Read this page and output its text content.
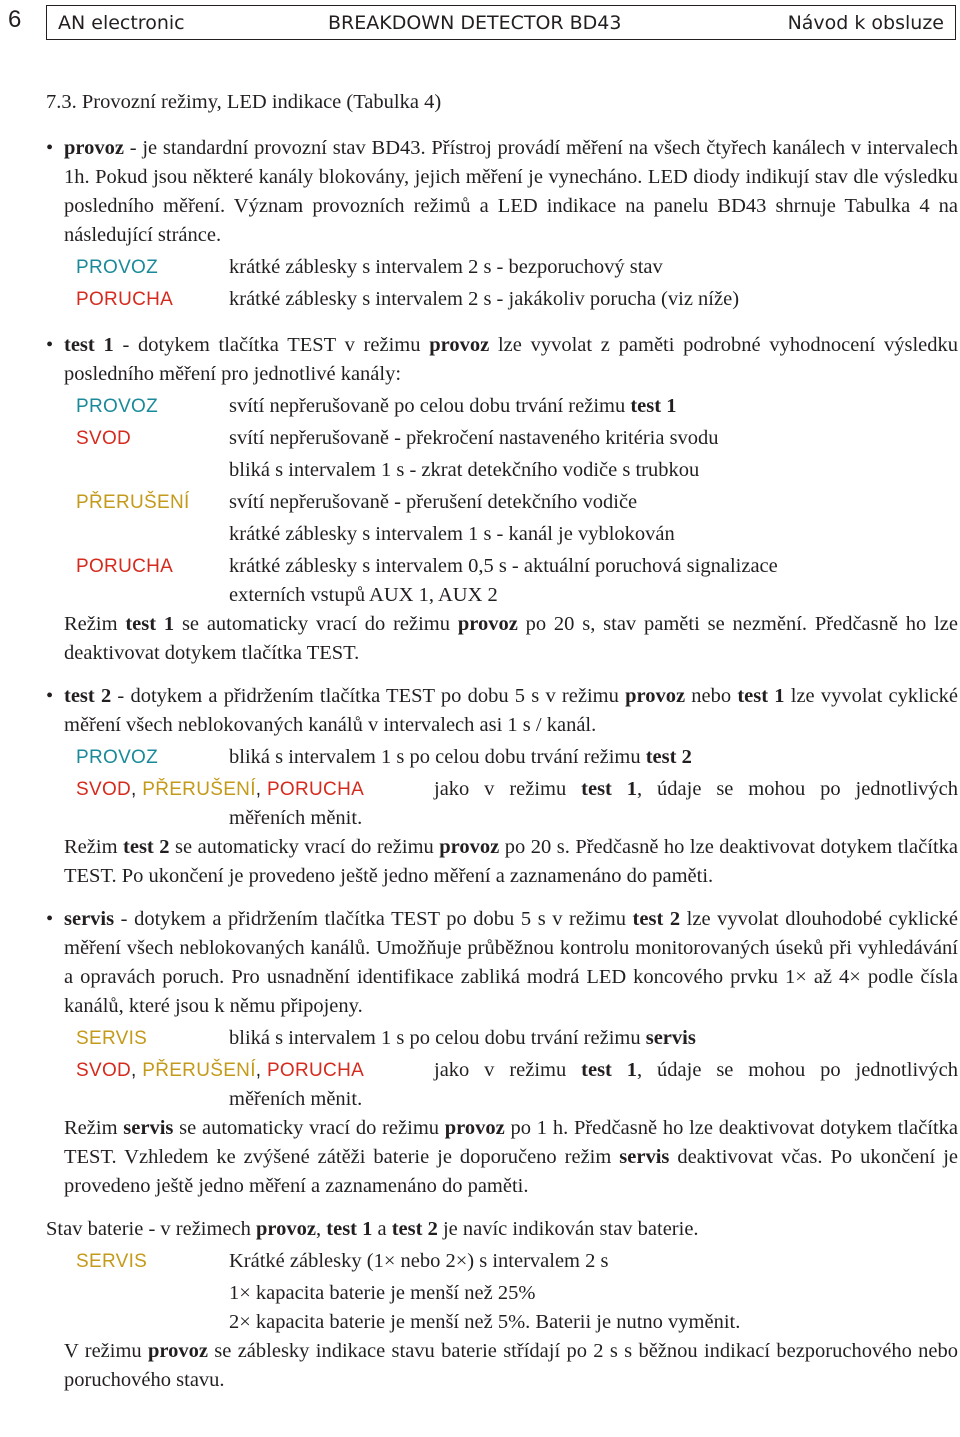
6 AN electronic	BREAKDOWN DETECTOR BD43	Návod k obsluze

7.3. Provozní režimy, LED indikace (Tabulka 4)

• provoz - je standardní provozní stav BD43. Přístroj provádí měření na všech čtyřech kanálech v intervalech 1h. Pokud jsou některé kanály blokovány, jejich měření je vynecháno. LED diody indikují stav dle výsledku posledního měření. Význam provozních režimů a LED indikace na panelu BD43 shrnuje Tabulka 4 na následující stránce.

PROVOZ	krátké záblesky s intervalem 2 s - bezporuchový stav
PORUCHA	krátké záblesky s intervalem 2 s - jakákoliv porucha (viz níže)
• test 1 - dotykem tlačítka TEST v režimu provoz lze vyvolat z paměti podrobné vyhodnocení výsledku posledního měření pro jednotlivé kanály:

PROVOZ	svítí nepřerušovaně po celou dobu trvání režimu test 1
SVOD	svítí nepřerušovaně - překročení nastaveného kritéria svodu
bliká s intervalem 1 s - zkrat detekčního vodiče s trubkou
PŘERUŠENÍ	svítí nepřerušovaně - přerušení detekčního vodiče
krátké záblesky s intervalem 1 s - kanál je vyblokován
PORUCHA	krátké záblesky s intervalem 0,5 s - aktuální poruchová signalizace

externích vstupů AUX 1, AUX 2

Režim test 1 se automaticky vrací do režimu provoz po 20 s, stav paměti se nezmění. Předčasně ho lze deaktivovat dotykem tlačítka TEST.

• test 2 - dotykem a přidržením tlačítka TEST po dobu 5 s v režimu provoz nebo test 1 lze vyvolat cyklické měření všech neblokovaných kanálů v intervalech asi 1 s / kanál.

PROVOZ	bliká s intervalem 1 s po celou dobu trvání režimu test 2
SVOD, PŘERUŠENÍ, PORUCHA	jako v režimu test 1, údaje se mohou po jednotlivých

měřeních měnit.

Režim test 2 se automaticky vrací do režimu provoz po 20 s. Předčasně ho lze deaktivovat dotykem tlačítka TEST. Po ukončení je provedeno ještě jedno měření a zaznamenáno do paměti.

• servis - dotykem a přidržením tlačítka TEST po dobu 5 s v režimu test 2 lze vyvolat dlouhodobé cyklické měření všech neblokovaných kanálů. Umožňuje průběžnou kontrolu monitorovaných úseků při vyhledávání a opravách poruch. Pro usnadnění identifikace zabliká modrá LED koncového prvku 1× až 4× podle čísla kanálů, které jsou k němu připojeny.

SERVIS	bliká s intervalem 1 s po celou dobu trvání režimu servis
SVOD, PŘERUŠENÍ, PORUCHA	jako v režimu test 1, údaje se mohou po jednotlivých

měřeních měnit.

Režim servis se automaticky vrací do režimu provoz po 1 h. Předčasně ho lze deaktivovat dotykem tlačítka TEST. Vzhledem ke zvýšené zátěži baterie je doporučeno režim servis deaktivovat včas. Po ukončení je provedeno ještě jedno měření a zaznamenáno do paměti.

Stav baterie - v režimech provoz, test 1 a test 2 je navíc indikován stav baterie.

SERVIS	Krátké záblesky (1× nebo 2×) s intervalem 2 s

1× kapacita baterie je menší než 25%

2× kapacita baterie je menší než 5%. Baterii je nutno vyměnit.

V režimu provoz se záblesky indikace stavu baterie střídají po 2 s s běžnou indikací bezporuchového nebo poruchového stavu.
